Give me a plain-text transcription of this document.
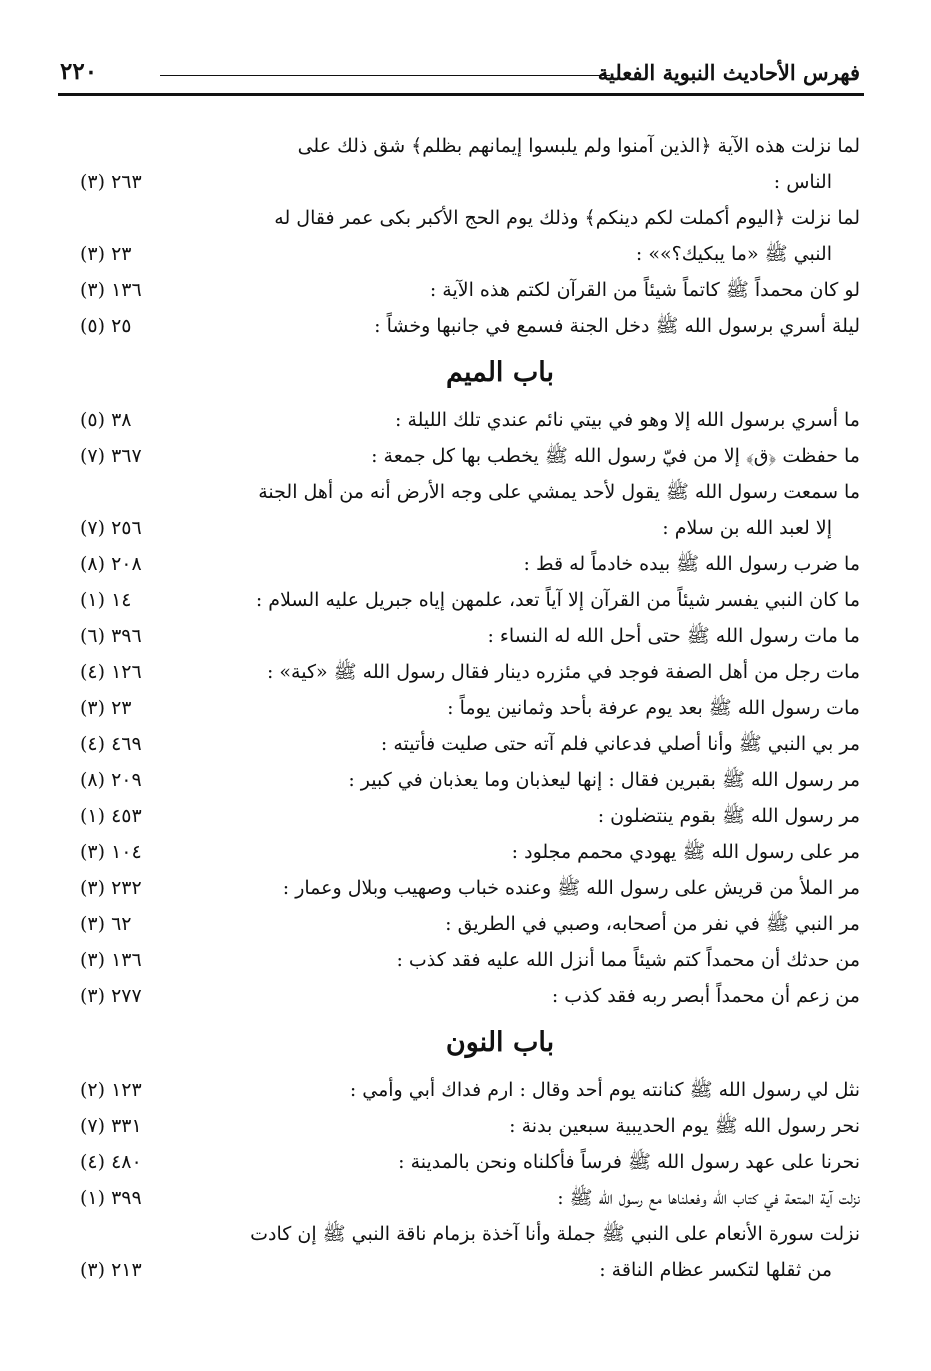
فهرس الأحاديث النبوية الفعلية
٢٢٠
لما نزلت هذه الآية ﴿الذين آمنوا ولم يلبسوا إيمانهم بظلم﴾ شق ذلك على
الناس :
٢٦٣ (٣)
لما نزلت ﴿اليوم أكملت لكم دينكم﴾ وذلك يوم الحج الأكبر بكى عمر فقال له
النبي ﷺ «ما يبكيك؟»» :
٢٣ (٣)
لو كان محمداً ﷺ كاتماً شيئاً من القرآن لكتم هذه الآية :
١٣٦ (٣)
ليلة أسري برسول الله ﷺ دخل الجنة فسمع في جانبها وخشاً :
٢٥ (٥)
باب الميم
ما أسري برسول الله إلا وهو في بيتي نائم عندي تلك الليلة :
٣٨ (٥)
ما حفظت ﴿ق﴾ إلا من فيّ رسول الله ﷺ يخطب بها كل جمعة :
٣٦٧ (٧)
ما سمعت رسول الله ﷺ يقول لأحد يمشي على وجه الأرض أنه من أهل الجنة
إلا لعبد الله بن سلام :
٢٥٦ (٧)
ما ضرب رسول الله ﷺ بيده خادماً له قط :
٢٠٨ (٨)
ما كان النبي يفسر شيئاً من القرآن إلا آياً تعد، علمهن إياه جبريل عليه السلام :
١٤ (١)
ما مات رسول الله ﷺ حتى أحل الله له النساء :
٣٩٦ (٦)
مات رجل من أهل الصفة فوجد في مئزره دينار فقال رسول الله ﷺ «كية» :
١٢٦ (٤)
مات رسول الله ﷺ بعد يوم عرفة بأحد وثمانين يوماً :
٢٣ (٣)
مر بي النبي ﷺ وأنا أصلي فدعاني فلم آته حتى صليت فأتيته :
٤٦٩ (٤)
مر رسول الله ﷺ بقبرين فقال : إنها ليعذبان وما يعذبان في كبير :
٢٠٩ (٨)
مر رسول الله ﷺ بقوم ينتضلون :
٤٥٣ (١)
مر على رسول الله ﷺ يهودي محمم مجلود :
١٠٤ (٣)
مر الملأ من قريش على رسول الله ﷺ وعنده خباب وصهيب وبلال وعمار :
٢٣٢ (٣)
مر النبي ﷺ في نفر من أصحابه، وصبي في الطريق :
٦٢ (٣)
من حدثك أن محمداً كتم شيئاً مما أنزل الله عليه فقد كذب :
١٣٦ (٣)
من زعم أن محمداً أبصر ربه فقد كذب :
٢٧٧ (٣)
باب النون
نثل لي رسول الله ﷺ كنانته يوم أحد وقال : ارم فداك أبي وأمي :
١٢٣ (٢)
نحر رسول الله ﷺ يوم الحديبية سبعين بدنة :
٣٣١ (٧)
نحرنا على عهد رسول الله ﷺ فرساً فأكلناه ونحن بالمدينة :
٤٨٠ (٤)
نزلت آية المتعة في كتاب الله وفعلناها مع رسول الله ﷺ :
٣٩٩ (١)
نزلت سورة الأنعام على النبي ﷺ جملة وأنا آخذة بزمام ناقة النبي ﷺ إن كادت
من ثقلها لتكسر عظام الناقة :
٢١٣ (٣)
